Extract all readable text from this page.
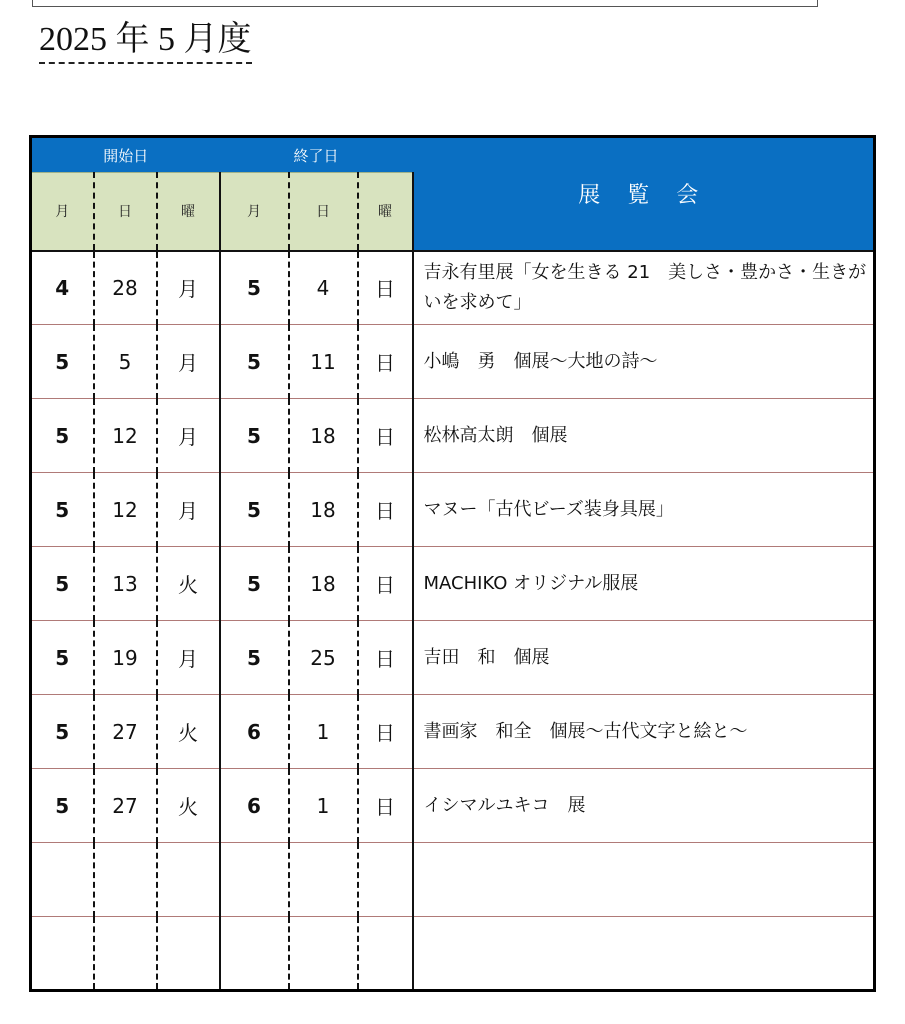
2025 年 5 月度
開始日			終了日			展 覧 会
月	日	曜	月	日	曜	
4	28	月	5	4	日	吉永有里展「女を生きる 21　美しさ・豊かさ・生きがいを求めて」
5	5	月	5	11	日	小嶋　勇　個展～大地の詩～
5	12	月	5	18	日	松林高太朗　個展
5	12	月	5	18	日	マヌー「古代ビーズ装身具展」
5	13	火	5	18	日	MACHIKO オリジナル服展
5	19	月	5	25	日	吉田　和　個展
5	27	火	6	1	日	書画家　和全　個展～古代文字と絵と～
5	27	火	6	1	日	イシマルユキコ　展
